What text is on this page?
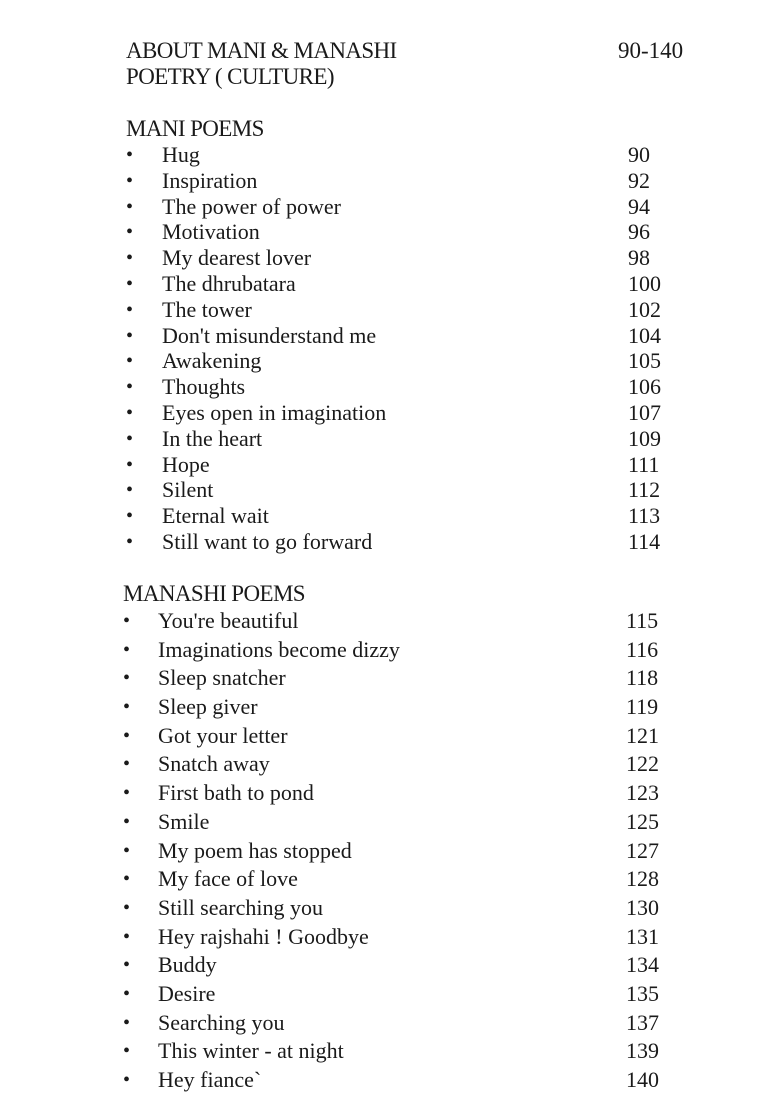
ABOUT MANI & MANASHI
POETRY ( CULTURE)
90-140
MANI POEMS
• Hug	90
• Inspiration	92
• The power of power	94
• Motivation	96
• My dearest lover	98
• The dhrubatara	100
• The tower	102
• Don't misunderstand me	104
• Awakening	105
• Thoughts	106
• Eyes open in imagination	107
• In the heart	109
• Hope	111
• Silent	112
• Eternal wait	113
• Still want to go forward	114
MANASHI POEMS
• You're beautiful	115
• Imaginations become dizzy	116
• Sleep snatcher	118
• Sleep giver	119
• Got your letter	121
• Snatch away	122
• First bath to pond	123
• Smile	125
• My poem has stopped	127
• My face of love	128
• Still searching you	130
• Hey rajshahi ! Goodbye	131
• Buddy	134
• Desire	135
• Searching you	137
• This winter - at night	139
• Hey fiance`	140
